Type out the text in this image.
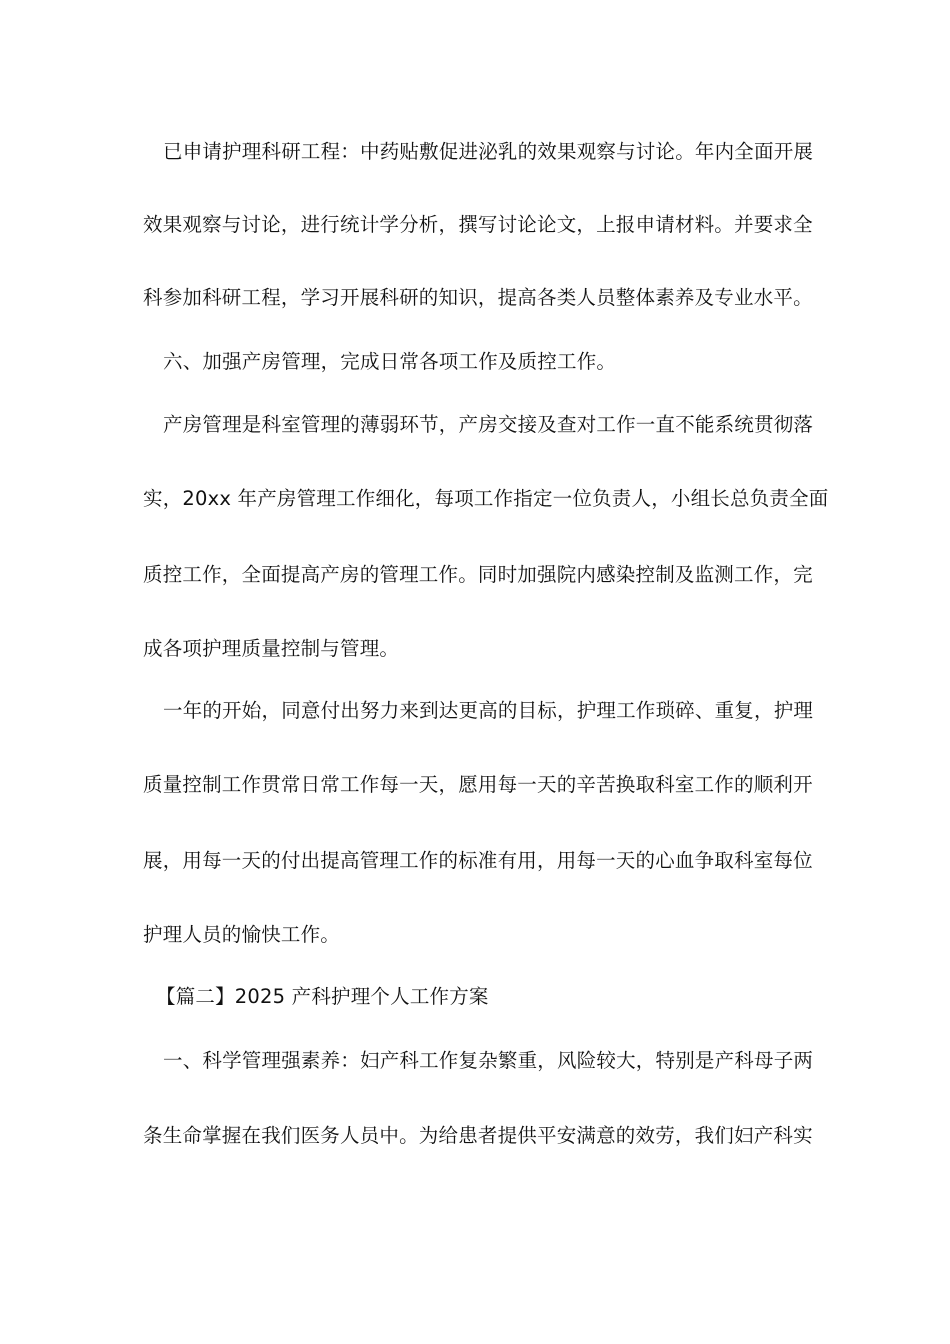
已申请护理科研工程：中药贴敷促进泌乳的效果观察与讨论。年内全面开展
效果观察与讨论，进行统计学分析，撰写讨论论文，上报申请材料。并要求全
科参加科研工程，学习开展科研的知识，提高各类人员整体素养及专业水平。
六、加强产房管理，完成日常各项工作及质控工作。
产房管理是科室管理的薄弱环节，产房交接及查对工作一直不能系统贯彻落
实，20xx 年产房管理工作细化，每项工作指定一位负责人，小组长总负责全面
质控工作，全面提高产房的管理工作。同时加强院内感染控制及监测工作，完
成各项护理质量控制与管理。
一年的开始，同意付出努力来到达更高的目标，护理工作琐碎、重复，护理
质量控制工作贯常日常工作每一天，愿用每一天的辛苦换取科室工作的顺利开
展，用每一天的付出提高管理工作的标准有用，用每一天的心血争取科室每位
护理人员的愉快工作。
【篇二】2025 产科护理个人工作方案
一、科学管理强素养：妇产科工作复杂繁重，风险较大，特别是产科母子两
条生命掌握在我们医务人员中。为给患者提供平安满意的效劳，我们妇产科实
